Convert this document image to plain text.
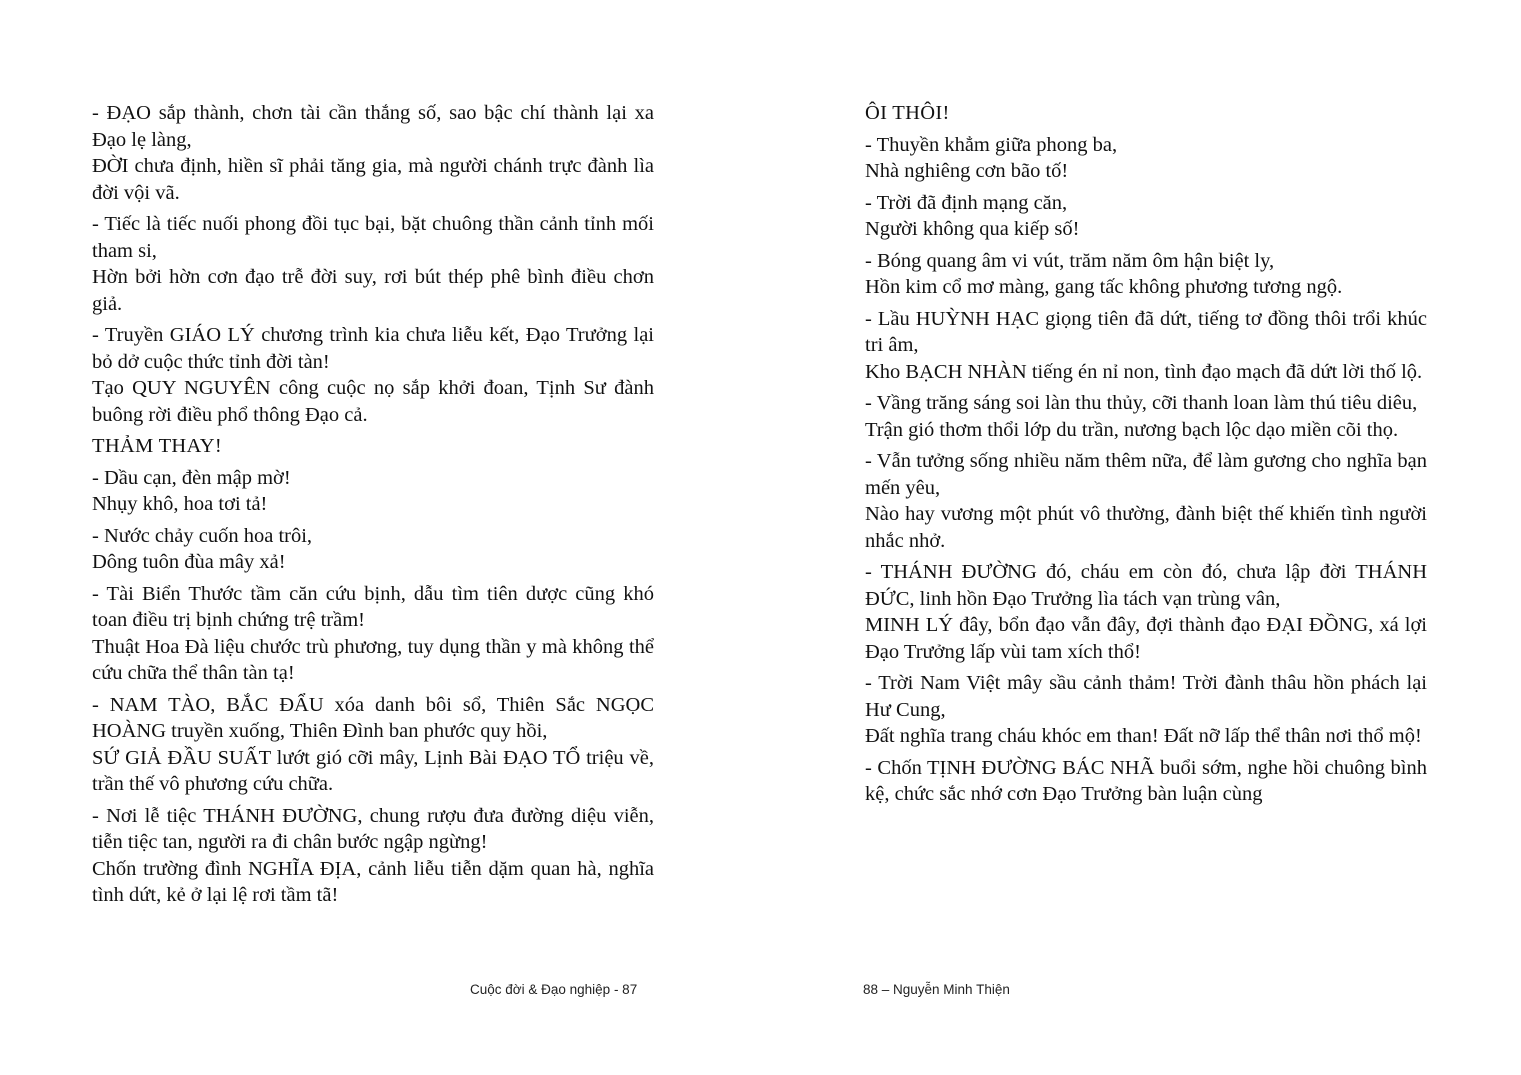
- ĐẠO sắp thành, chơn tài cần thắng số, sao bậc chí thành lại xa Đạo lẹ làng,
ĐỜI chưa định, hiền sĩ phải tăng gia, mà người chánh trực đành lìa đời vội vã.
- Tiếc là tiếc nuối phong đồi tục bại, bặt chuông thần cảnh tỉnh mối tham si,
Hờn bởi hờn cơn đạo trễ đời suy, rơi bút thép phê bình điều chơn giả.
- Truyền GIÁO LÝ chương trình kia chưa liễu kết, Đạo Trưởng lại bỏ dở cuộc thức tỉnh đời tàn!
Tạo QUY NGUYÊN công cuộc nọ sắp khởi đoan, Tịnh Sư đành buông rời điều phổ thông Đạo cả.
THẢM THAY!
- Dầu cạn, đèn mập mờ!
Nhụy khô, hoa tơi tả!
- Nước chảy cuốn hoa trôi,
Dông tuôn đùa mây xả!
- Tài Biển Thước tầm căn cứu bịnh, dẫu tìm tiên dược cũng khó toan điều trị bịnh chứng trệ trầm!
Thuật Hoa Đà liệu chước trù phương, tuy dụng thần y mà không thể cứu chữa thể thân tàn tạ!
- NAM TÀO, BẮC ĐẨU xóa danh bôi sổ, Thiên Sắc NGỌC HOÀNG truyền xuống, Thiên Đình ban phước quy hồi,
SỨ GIẢ ĐẦU SUẤT lướt gió cỡi mây, Lịnh Bài ĐẠO TỔ triệu về, trần thế vô phương cứu chữa.
- Nơi lễ tiệc THÁNH ĐƯỜNG, chung rượu đưa đường diệu viễn, tiễn tiệc tan, người ra đi chân bước ngập ngừng!
Chốn trường đình NGHĨA ĐỊA, cảnh liễu tiễn dặm quan hà, nghĩa tình dứt, kẻ ở lại lệ rơi tầm tã!
ÔI THÔI!
- Thuyền khẳm giữa phong ba,
Nhà nghiêng cơn bão tố!
- Trời đã định mạng căn,
Người không qua kiếp số!
- Bóng quang âm vi vút, trăm năm ôm hận biệt ly,
Hồn kim cổ mơ màng, gang tấc không phương tương ngộ.
- Lầu HUỲNH HẠC giọng tiên đã dứt, tiếng tơ đồng thôi trổi khúc tri âm,
Kho BẠCH NHÀN tiếng én nỉ non, tình đạo mạch đã dứt lời thố lộ.
- Vầng trăng sáng soi làn thu thủy, cỡi thanh loan làm thú tiêu diêu,
Trận gió thơm thổi lớp du trần, nương bạch lộc dạo miền cõi thọ.
- Vẫn tưởng sống nhiều năm thêm nữa, để làm gương cho nghĩa bạn mến yêu,
Nào hay vương một phút vô thường, đành biệt thế khiến tình người nhắc nhở.
- THÁNH ĐƯỜNG đó, cháu em còn đó, chưa lập đời THÁNH ĐỨC, linh hồn Đạo Trưởng lìa tách vạn trùng vân,
MINH LÝ đây, bổn đạo vẫn đây, đợi thành đạo ĐẠI ĐỒNG, xá lợi Đạo Trưởng lấp vùi tam xích thổ!
- Trời Nam Việt mây sầu cảnh thảm! Trời đành thâu hồn phách lại Hư Cung,
Đất nghĩa trang cháu khóc em than! Đất nỡ lấp thể thân nơi thổ mộ!
- Chốn TỊNH ĐƯỜNG BÁC NHÃ buổi sớm, nghe hồi chuông bình kệ, chức sắc nhớ cơn Đạo Trưởng bàn luận cùng
Cuộc đời & Đạo nghiệp - 87	88 – Nguyễn Minh Thiện
